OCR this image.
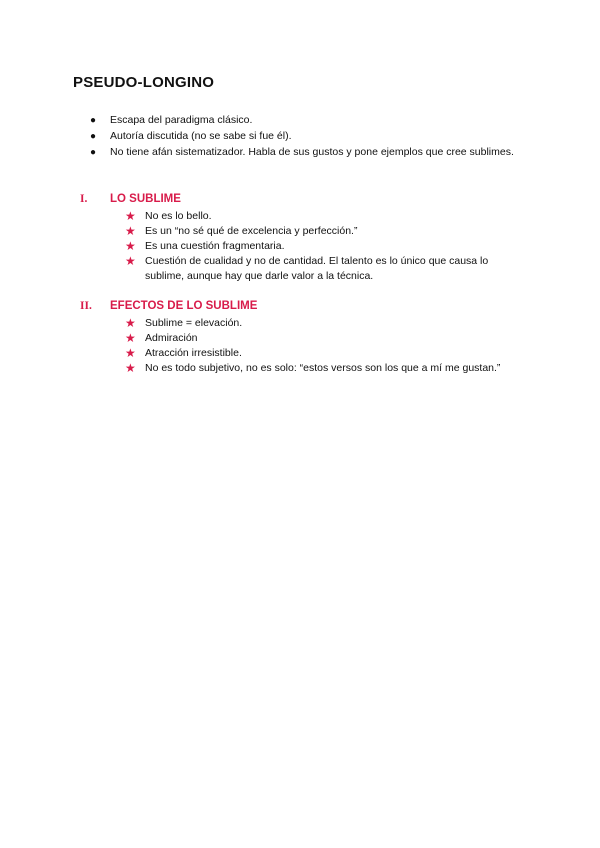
PSEUDO-LONGINO
● Escapa del paradigma clásico.
● Autoría discutida (no se sabe si fue él).
● No tiene afán sistematizador. Habla de sus gustos y pone ejemplos que cree sublimes.
I. LO SUBLIME
★ No es lo bello.
★ Es un “no sé qué de excelencia y perfección.”
★ Es una cuestión fragmentaria.
★ Cuestión de cualidad y no de cantidad. El talento es lo único que causa lo sublime, aunque hay que darle valor a la técnica.
II. EFECTOS DE LO SUBLIME
★ Sublime = elevación.
★ Admiración
★ Atracción irresistible.
★ No es todo subjetivo, no es solo: “estos versos son los que a mí me gustan.”
